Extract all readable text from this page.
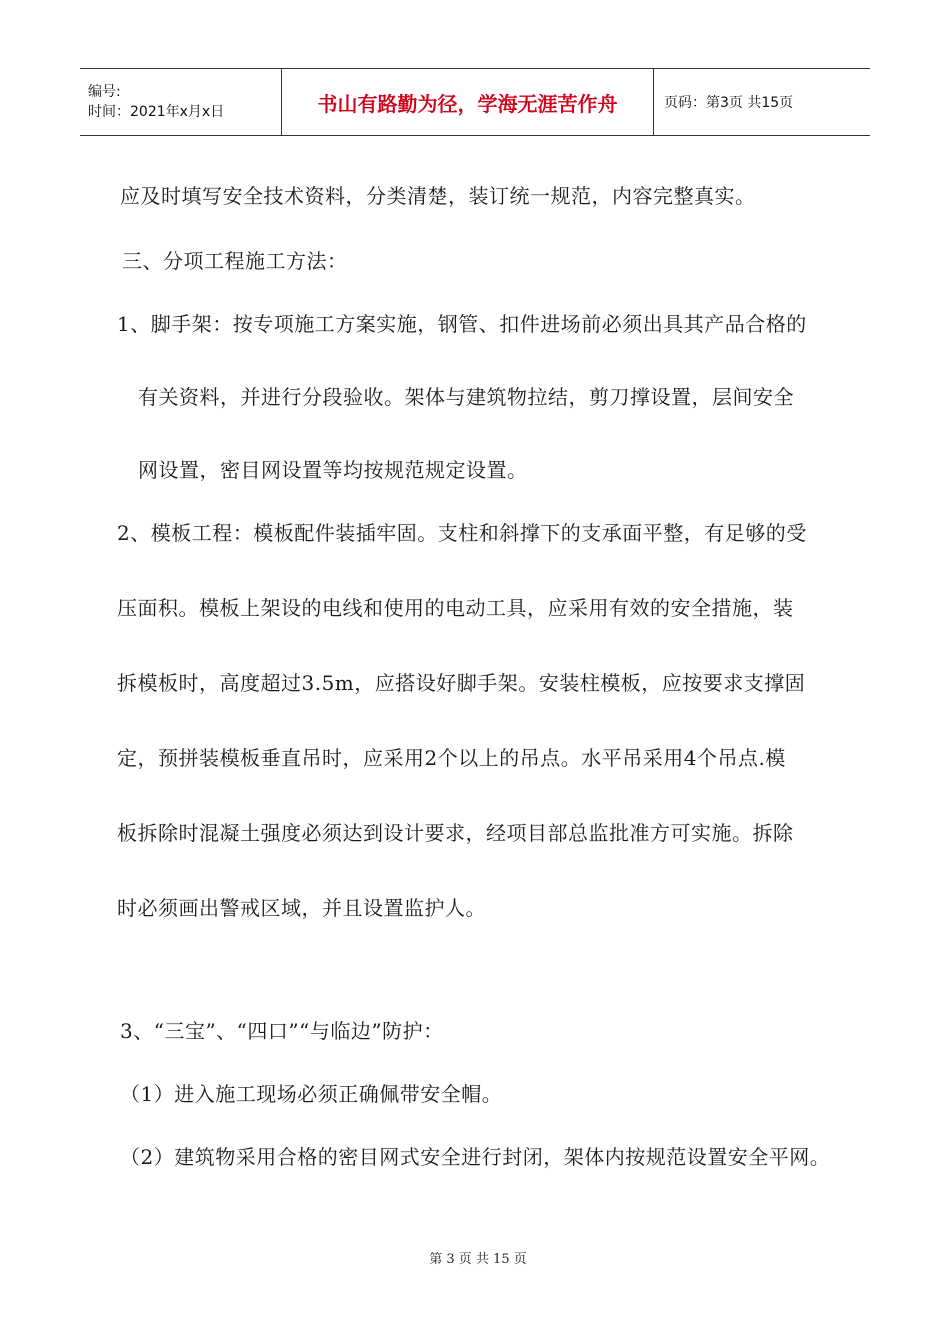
编号:
时间：2021年x月x日	书山有路勤为径，学海无涯苦作舟	页码：第3页 共15页
应及时填写安全技术资料，分类清楚，装订统一规范，内容完整真实。
三、分项工程施工方法：
1、脚手架：按专项施工方案实施，钢管、扣件进场前必须出具其产品合格的
有关资料，并进行分段验收。架体与建筑物拉结，剪刀撑设置，层间安全
网设置，密目网设置等均按规范规定设置。
2、模板工程：模板配件装插牢固。支柱和斜撑下的支承面平整，有足够的受
压面积。模板上架设的电线和使用的电动工具，应采用有效的安全措施，装
拆模板时，高度超过3.5m，应搭设好脚手架。安装柱模板，应按要求支撑固
定，预拼装模板垂直吊时，应采用2个以上的吊点。水平吊采用4个吊点.模
板拆除时混凝土强度必须达到设计要求，经项目部总监批准方可实施。拆除
时必须画出警戒区域，并且设置监护人。
3、“三宝”、“四口”“与临边”防护：
（1）进入施工现场必须正确佩带安全帽。
（2）建筑物采用合格的密目网式安全进行封闭，架体内按规范设置安全平网。
第 3 页 共 15 页
